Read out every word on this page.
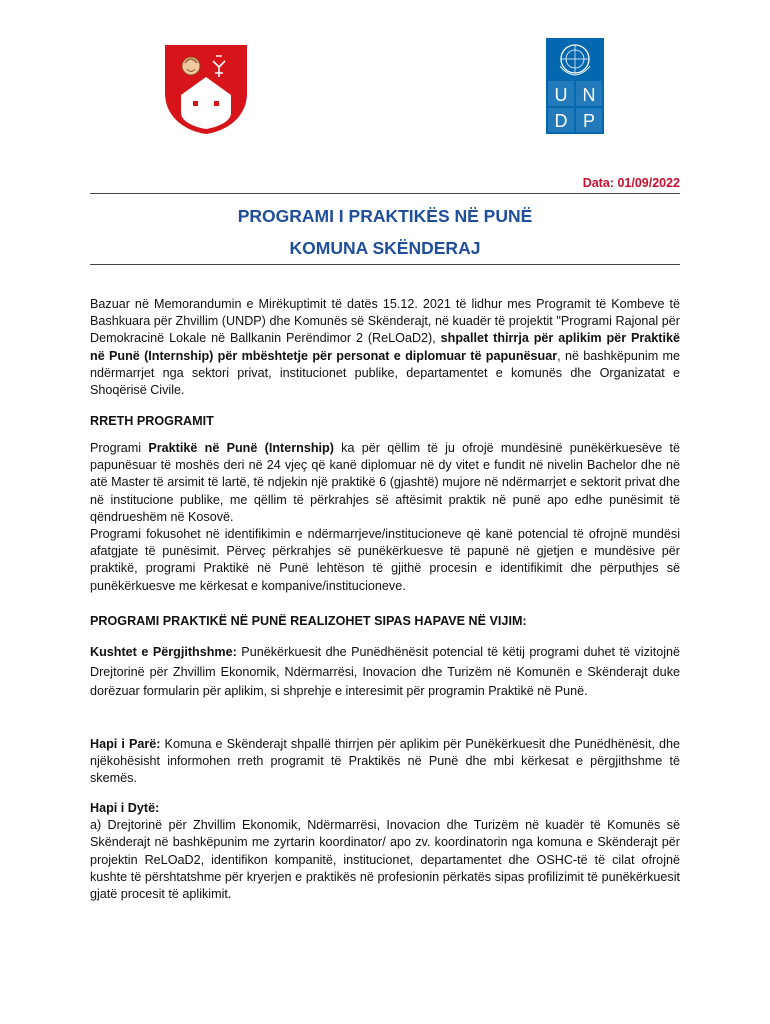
U N
D P
Data: 01/09/2022
PROGRAMI I PRAKTIKËS NË PUNË
KOMUNA SKËNDERAJ

Bazuar në Memorandumin e Mirëkuptimit të datës 15.12. 2021 të lidhur mes Programit të Kombeve të Bashkuara për Zhvillim (UNDP) dhe Komunës së Skënderajt, në kuadër të projektit "Programi Rajonal për Demokracinë Lokale në Ballkanin Perëndimor 2 (ReLOaD2), shpallet thirrja për aplikim për Praktikë në Punë (Internship) për mbështetje për personat e diplomuar të papunësuar, në bashkëpunim me ndërmarrjet nga sektori privat, institucionet publike, departamentet e komunës dhe Organizatat e Shoqërisë Civile.

RRETH PROGRAMIT

Programi Praktikë në Punë (Internship) ka për qëllim të ju ofrojë mundësinë punëkërkuesëve të papunësuar të moshës deri në 24 vjeç që kanë diplomuar në dy vitet e fundit në nivelin Bachelor dhe në atë Master të arsimit të lartë, të ndjekin një praktikë 6 (gjashtë) mujore në ndërmarrjet e sektorit privat dhe në institucione publike, me qëllim të përkrahjes së aftësimit praktik në punë apo edhe punësimit të qëndrueshëm në Kosovë.

Programi fokusohet në identifikimin e ndërmarrjeve/institucioneve që kanë potencial të ofrojnë mundësi afatgjate të punësimit. Përveç përkrahjes së punëkërkuesve të papunë në gjetjen e mundësive për praktikë, programi Praktikë në Punë lehtëson të gjithë procesin e identifikimit dhe përputhjes së punëkërkuesve me kërkesat e kompanive/institucioneve.

PROGRAMI PRAKTIKË NË PUNË REALIZOHET SIPAS HAPAVE NË VIJIM:

Kushtet e Përgjithshme: Punëkërkuesit dhe Punëdhënësit potencial të këtij programi duhet të vizitojnë Drejtorinë për Zhvillim Ekonomik, Ndërmarrësi, Inovacion dhe Turizëm në Komunën e Skënderajt duke dorëzuar formularin për aplikim, si shprehje e interesimit për programin Praktikë në Punë.

Hapi i Parë: Komuna e Skënderajt shpallë thirrjen për aplikim për Punëkërkuesit dhe Punëdhënësit, dhe njëkohësisht informohen rreth programit të Praktikës në Punë dhe mbi kërkesat e përgjithshme të skemës.

Hapi i Dytë:

a) Drejtorinë për Zhvillim Ekonomik, Ndërmarrësi, Inovacion dhe Turizëm në kuadër të Komunës së Skënderajt në bashkëpunim me zyrtarin koordinator/ apo zv. koordinatorin nga komuna e Skënderajt për projektin ReLOaD2, identifikon kompanitë, institucionet, departamentet dhe OSHC-të të cilat ofrojnë kushte të përshtatshme për kryerjen e praktikës në profesionin përkatës sipas profilizimit të punëkërkuesit gjatë procesit të aplikimit.
